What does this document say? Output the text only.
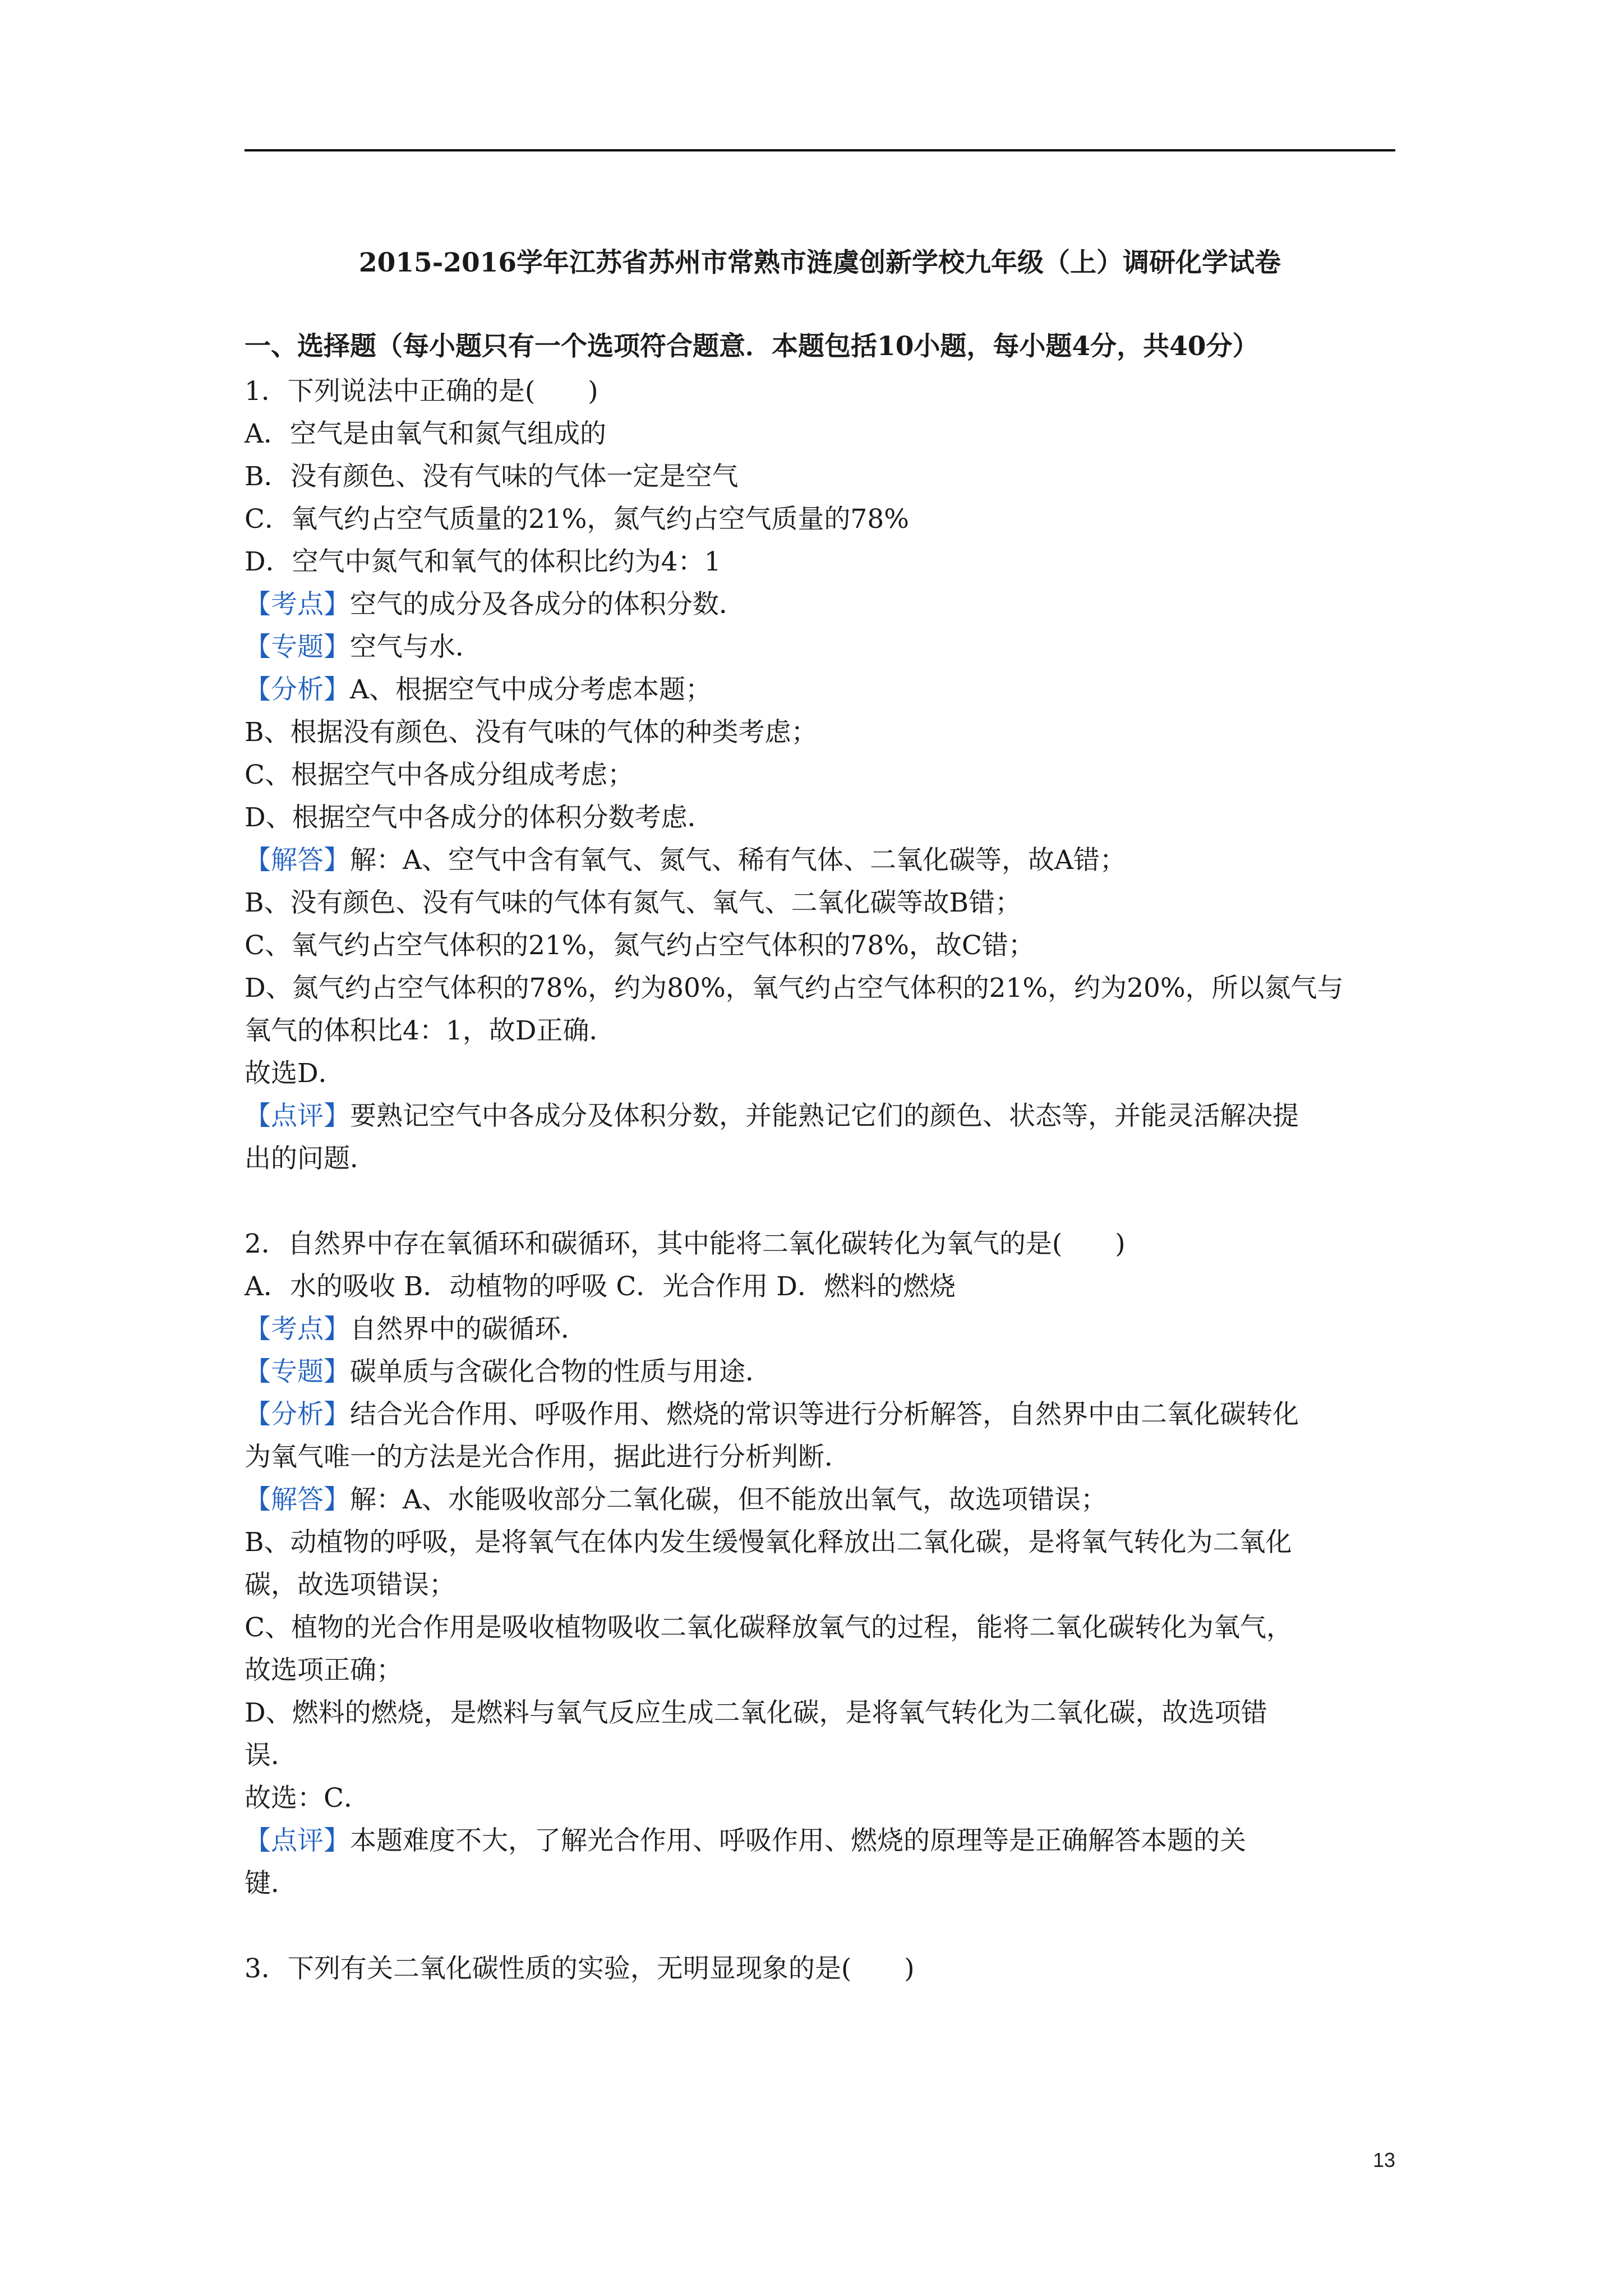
2015-2016学年江苏省苏州市常熟市涟虞创新学校九年级（上）调研化学试卷
一、选择题（每小题只有一个选项符合题意．本题包括10小题，每小题4分，共40分）
1．下列说法中正确的是(　　)
A．空气是由氧气和氮气组成的
B．没有颜色、没有气味的气体一定是空气
C．氧气约占空气质量的21%，氮气约占空气质量的78%
D．空气中氮气和氧气的体积比约为4：1
【考点】空气的成分及各成分的体积分数．
【专题】空气与水．
【分析】A、根据空气中成分考虑本题；
B、根据没有颜色、没有气味的气体的种类考虑；
C、根据空气中各成分组成考虑；
D、根据空气中各成分的体积分数考虑．
【解答】解：A、空气中含有氧气、氮气、稀有气体、二氧化碳等，故A错；
B、没有颜色、没有气味的气体有氮气、氧气、二氧化碳等故B错；
C、氧气约占空气体积的21%，氮气约占空气体积的78%，故C错；
D、氮气约占空气体积的78%，约为80%，氧气约占空气体积的21%，约为20%，所以氮气与
氧气的体积比4：1，故D正确．
故选D．
【点评】要熟记空气中各成分及体积分数，并能熟记它们的颜色、状态等，并能灵活解决提
出的问题．
2．自然界中存在氧循环和碳循环，其中能将二氧化碳转化为氧气的是(　　)
A．水的吸收 B．动植物的呼吸 C．光合作用 D．燃料的燃烧
【考点】自然界中的碳循环．
【专题】碳单质与含碳化合物的性质与用途．
【分析】结合光合作用、呼吸作用、燃烧的常识等进行分析解答，自然界中由二氧化碳转化
为氧气唯一的方法是光合作用，据此进行分析判断．
【解答】解：A、水能吸收部分二氧化碳，但不能放出氧气，故选项错误；
B、动植物的呼吸，是将氧气在体内发生缓慢氧化释放出二氧化碳，是将氧气转化为二氧化
碳，故选项错误；
C、植物的光合作用是吸收植物吸收二氧化碳释放氧气的过程，能将二氧化碳转化为氧气，
故选项正确；
D、燃料的燃烧，是燃料与氧气反应生成二氧化碳，是将氧气转化为二氧化碳，故选项错
误．
故选：C．
【点评】本题难度不大，了解光合作用、呼吸作用、燃烧的原理等是正确解答本题的关
键．
3．下列有关二氧化碳性质的实验，无明显现象的是(　　)
13
